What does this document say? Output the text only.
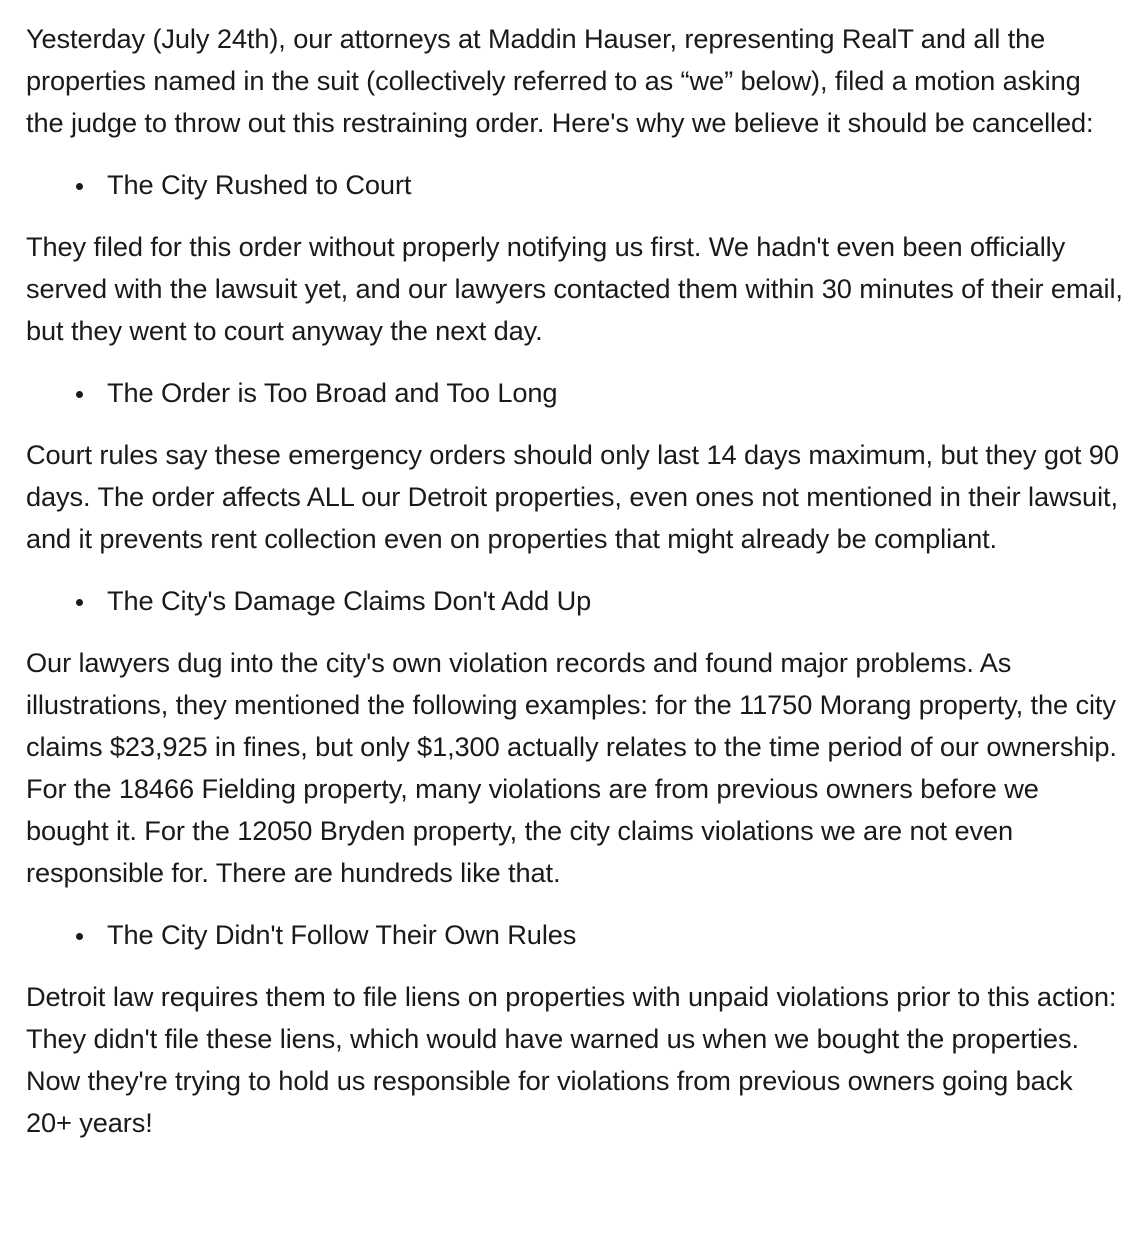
Yesterday (July 24th), our attorneys at Maddin Hauser, representing RealT and all the properties named in the suit (collectively referred to as “we” below), filed a motion asking the judge to throw out this restraining order. Here's why we believe it should be cancelled:

The City Rushed to Court

They filed for this order without properly notifying us first. We hadn't even been officially served with the lawsuit yet, and our lawyers contacted them within 30 minutes of their email, but they went to court anyway the next day.

The Order is Too Broad and Too Long

Court rules say these emergency orders should only last 14 days maximum, but they got 90 days. The order affects ALL our Detroit properties, even ones not mentioned in their lawsuit, and it prevents rent collection even on properties that might already be compliant.

The City's Damage Claims Don't Add Up

Our lawyers dug into the city's own violation records and found major problems. As illustrations, they mentioned the following examples: for the 11750 Morang property, the city claims $23,925 in fines, but only $1,300 actually relates to the time period of our ownership. For the 18466 Fielding property, many violations are from previous owners before we bought it. For the 12050 Bryden property, the city claims violations we are not even responsible for. There are hundreds like that.

The City Didn't Follow Their Own Rules

Detroit law requires them to file liens on properties with unpaid violations prior to this action:  They didn't file these liens, which would have warned us when we bought the properties. Now they're trying to hold us responsible for violations from previous owners going back 20+ years!
